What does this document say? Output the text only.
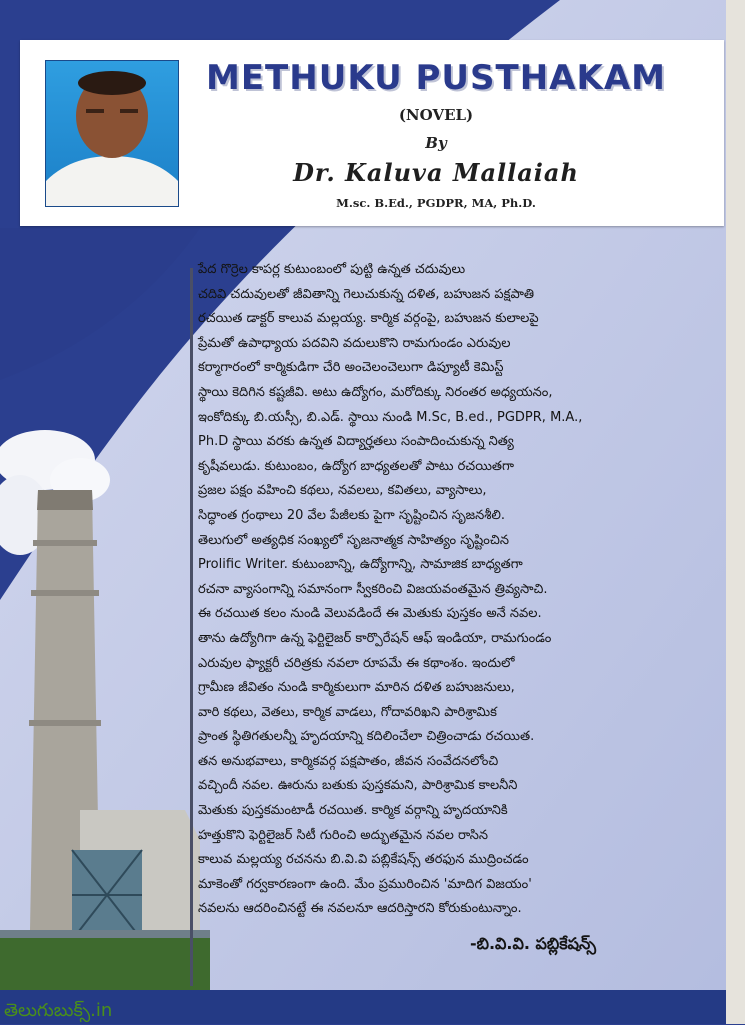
METHUKU PUSTHAKAM
(NOVEL)
By
Dr. Kaluva Mallaiah
M.sc. B.Ed., PGDPR, MA, Ph.D.

పేద గొర్రెల కాపర్ల కుటుంబంలో పుట్టి ఉన్నత చదువులు

చదివి చదువులతో జీవితాన్ని గెలుచుకున్న దళిత, బహుజన పక్షపాతి

రచయిత డాక్టర్ కాలువ మల్లయ్య. కార్మిక వర్గంపై, బహుజన కులాలపై

ప్రేమతో ఉపాధ్యాయ పదవిని వదులుకొని రామగుండం ఎరువుల

కర్మాగారంలో కార్మికుడిగా చేరి అంచెలంచెలుగా డిప్యూటీ కెమిస్ట్

స్థాయి కెదిగిన కష్టజీవి. అటు ఉద్యోగం, మరోదిక్కు నిరంతర అధ్యయనం,

ఇంకోదిక్కు బి.యస్సీ, బి.ఎడ్. స్థాయి నుండి M.Sc, B.ed., PGDPR, M.A.,

Ph.D స్థాయి వరకు ఉన్నత విద్యార్హతలు సంపాదించుకున్న నిత్య

కృషీవలుడు. కుటుంబం, ఉద్యోగ బాధ్యతలతో పాటు రచయితగా

ప్రజల పక్షం వహించి కథలు, నవలలు, కవితలు, వ్యాసాలు,

సిద్ధాంత గ్రంథాలు 20 వేల పేజీలకు పైగా సృష్టించిన సృజనశీలి.

తెలుగులో అత్యధిక సంఖ్యలో సృజనాత్మక సాహిత్యం సృష్టించిన

Prolific Writer. కుటుంబాన్ని, ఉద్యోగాన్ని, సామాజిక బాధ్యతగా

రచనా వ్యాసంగాన్ని సమానంగా స్వీకరించి విజయవంతమైన త్రివ్యసాచి.

ఈ రచయిత కలం నుండి వెలువడిందే ఈ మెతుకు పుస్తకం అనే నవల.

తాను ఉద్యోగిగా ఉన్న ఫెర్టిలైజర్ కార్పొరేషన్ ఆఫ్ ఇండియా, రామగుండం

ఎరువుల ఫ్యాక్టరీ చరిత్రకు నవలా రూపమే ఈ కథాంశం. ఇందులో

గ్రామీణ జీవితం నుండి కార్మికులుగా మారిన దళిత బహుజనులు,

వారి కథలు, వెతలు, కార్మిక వాడలు, గోదావరిఖని పారిశ్రామిక

ప్రాంత స్థితిగతులన్నీ హృదయాన్ని కదిలించేలా చిత్రించాడు రచయిత.

తన అనుభవాలు, కార్మికవర్గ పక్షపాతం, జీవన సంవేదనలోంచి

వచ్చిందీ నవల. ఊరును బతుకు పుస్తకమని, పారిశ్రామిక కాలనీని

మెతుకు పుస్తకమంటాడీ రచయిత. కార్మిక వర్గాన్ని హృదయానికి

హత్తుకొని ఫెర్టిలైజర్ సిటీ గురించి అద్భుతమైన నవల రాసిన

కాలువ మల్లయ్య రచనను బి.వి.వి పబ్లికేషన్స్ తరఫున ముద్రించడం

మాకెంతో గర్వకారణంగా ఉంది. మేం ప్రమురించిన 'మాదిగ విజయం'

నవలను ఆదరించినట్టే ఈ నవలనూ ఆదరిస్తారని కోరుకుంటున్నాం.

-బి.వి.వి. పబ్లికేషన్స్
తెలుగుబుక్స్.in
